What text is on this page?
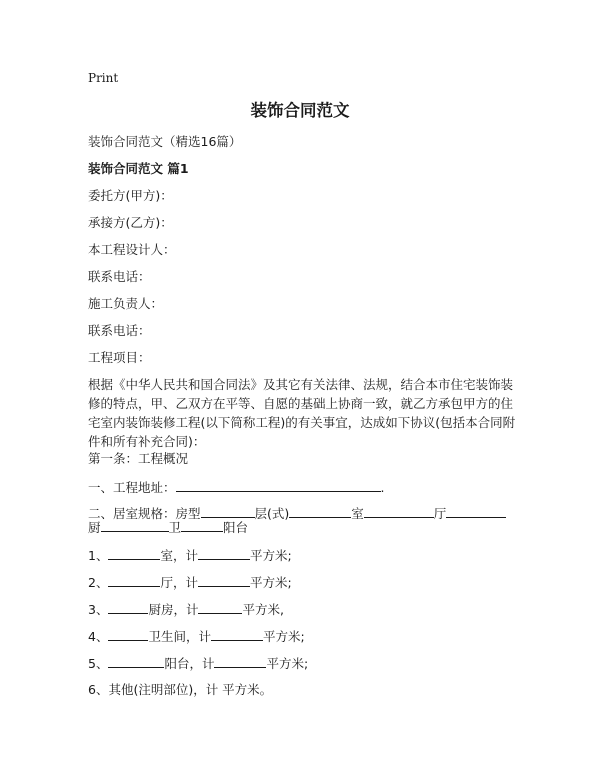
Print
装饰合同范文
装饰合同范文（精选16篇）
装饰合同范文 篇1
委托方(甲方)：
承接方(乙方)：
本工程设计人：
联系电话：
施工负责人：
联系电话：
工程项目：
根据《中华人民共和国合同法》及其它有关法律、法规，结合本市住宅装饰装修的特点，甲、乙双方在平等、自愿的基础上协商一致，就乙方承包甲方的住宅室内装饰装修工程(以下简称工程)的有关事宜，达成如下协议(包括本合同附件和所有补充合同)：
第一条：工程概况
一、工程地址：	.
二、居室规格：房型	层(式)	室	厅
厨	卫	阳台
1、	室，计	平方米;
2、	厅，计	平方米;
3、	厨房，计	平方米,
4、	卫生间，计	平方米;
5、	阳台，计	平方米;
6、其他(注明部位)，计 平方米。
